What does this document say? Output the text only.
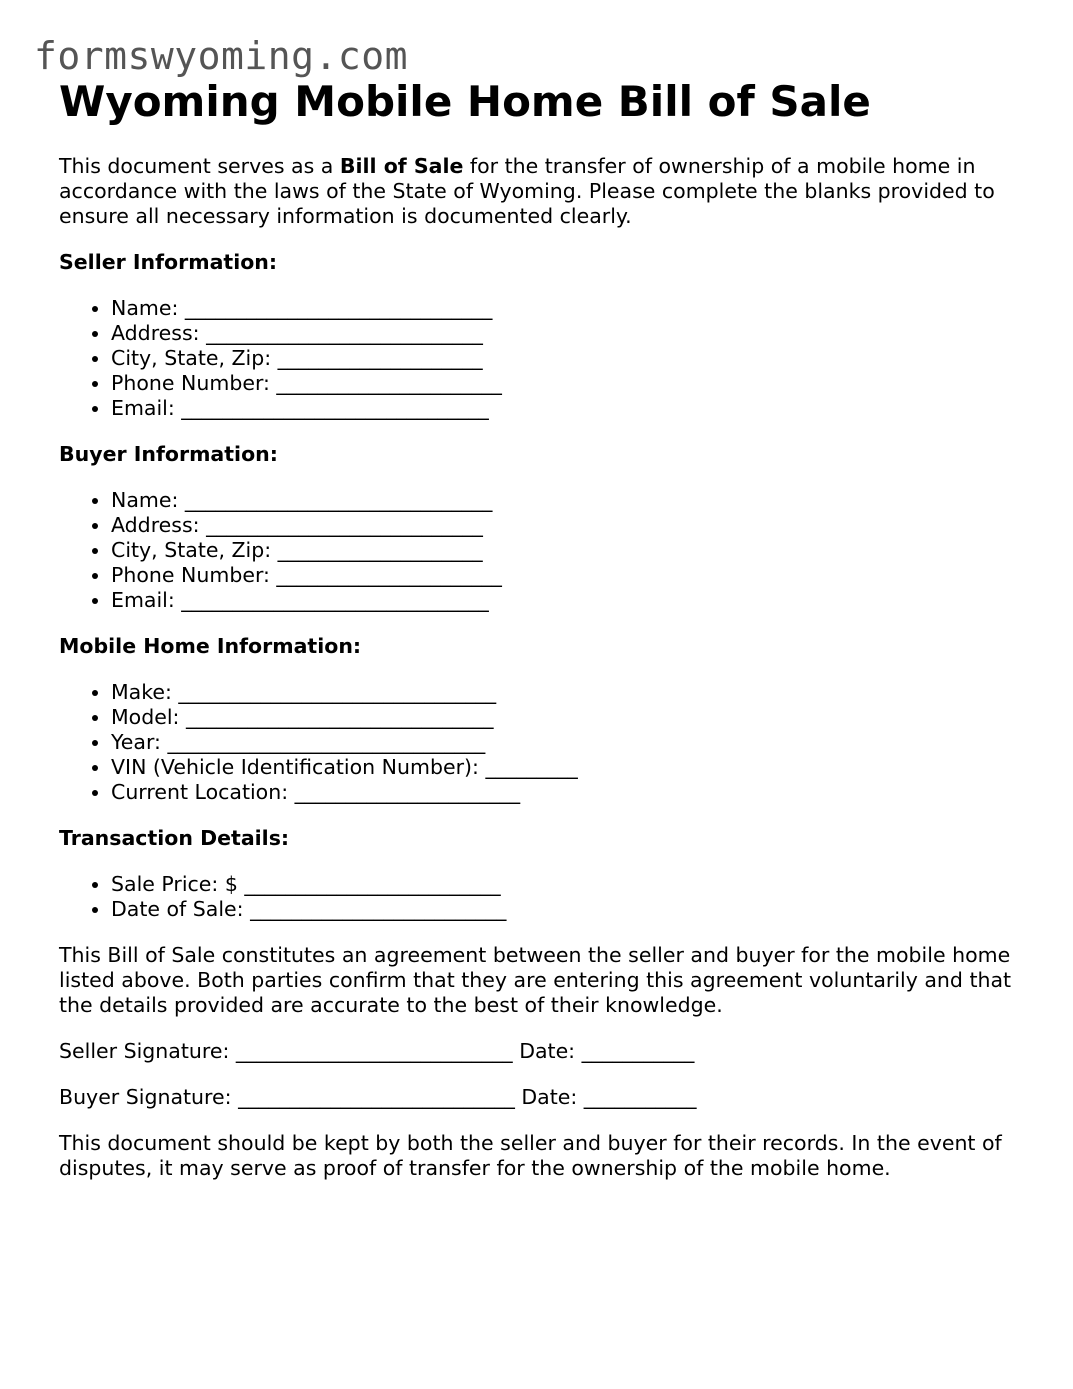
formswyoming.com
Wyoming Mobile Home Bill of Sale

This document serves as a Bill of Sale for the transfer of ownership of a mobile home in accordance with the laws of the State of Wyoming. Please complete the blanks provided to ensure all necessary information is documented clearly.

Seller Information:
• Name: ______________________________
• Address: ___________________________
• City, State, Zip: ____________________
• Phone Number: ______________________
• Email: ______________________________
Buyer Information:
• Name: ______________________________
• Address: ___________________________
• City, State, Zip: ____________________
• Phone Number: ______________________
• Email: ______________________________
Mobile Home Information:
• Make: _______________________________
• Model: ______________________________
• Year: _______________________________
• VIN (Vehicle Identification Number): _________
• Current Location: ______________________
Transaction Details:
• Sale Price: $ _________________________
• Date of Sale: _________________________

This Bill of Sale constitutes an agreement between the seller and buyer for the mobile home listed above. Both parties confirm that they are entering this agreement voluntarily and that the details provided are accurate to the best of their knowledge.

Seller Signature: ___________________________ Date: ___________

Buyer Signature: ___________________________ Date: ___________

This document should be kept by both the seller and buyer for their records. In the event of disputes, it may serve as proof of transfer for the ownership of the mobile home.
